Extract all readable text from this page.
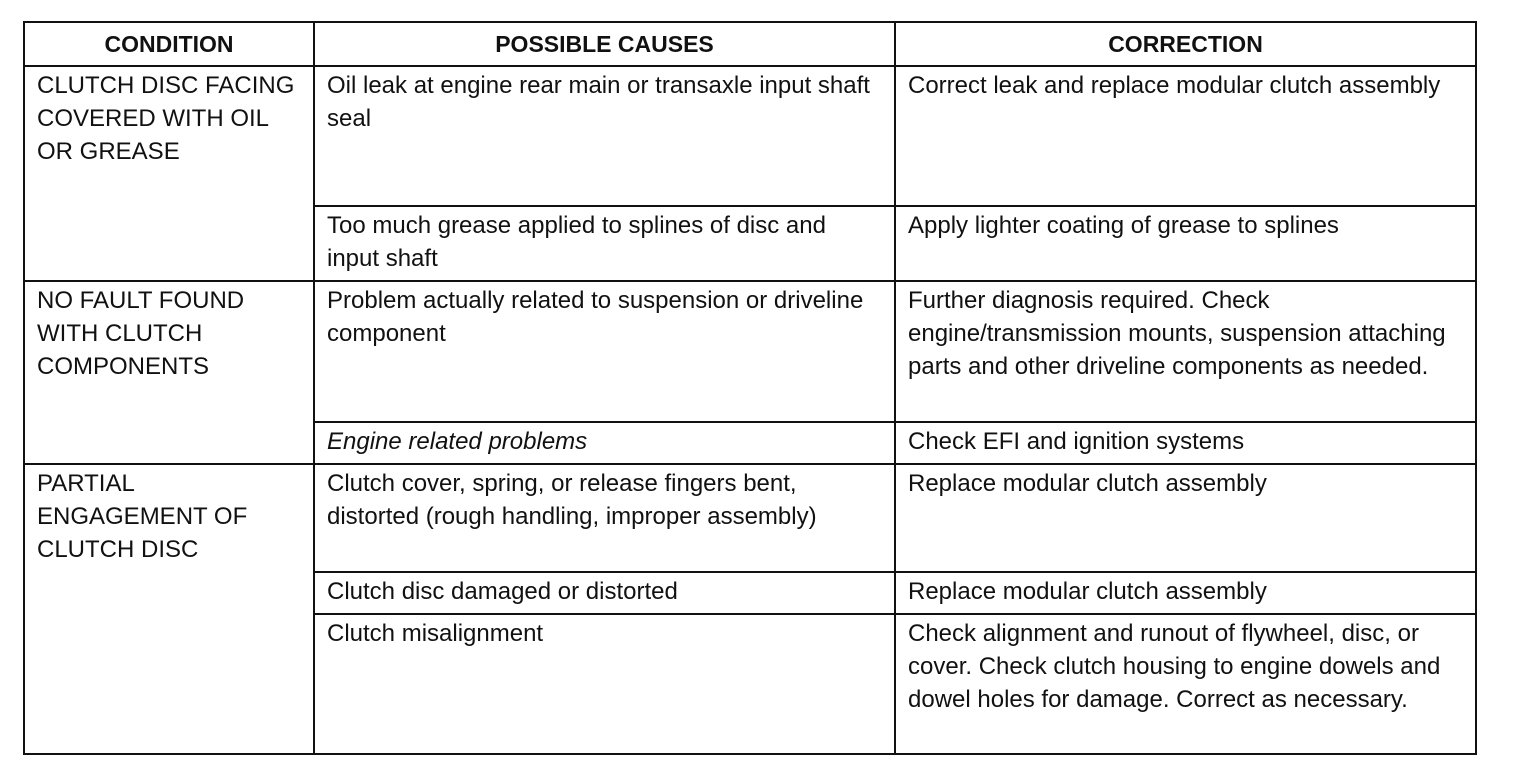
CONDITION	POSSIBLE CAUSES	CORRECTION
CLUTCH DISC FACING COVERED WITH OIL OR GREASE	Oil leak at engine rear main or transaxle input shaft seal	Correct leak and replace modular clutch assembly
	Too much grease applied to splines of disc and input shaft	Apply lighter coating of grease to splines
NO FAULT FOUND WITH CLUTCH COMPONENTS	Problem actually related to suspension or driveline component	Further diagnosis required. Check engine/transmission mounts, suspension attaching parts and other driveline components as needed.
	Engine related problems	Check EFI and ignition systems
PARTIAL ENGAGEMENT OF CLUTCH DISC	Clutch cover, spring, or release fingers bent, distorted (rough handling, improper assembly)	Replace modular clutch assembly
	Clutch disc damaged or distorted	Replace modular clutch assembly
	Clutch misalignment	Check alignment and runout of flywheel, disc, or cover. Check clutch housing to engine dowels and dowel holes for damage. Correct as necessary.
